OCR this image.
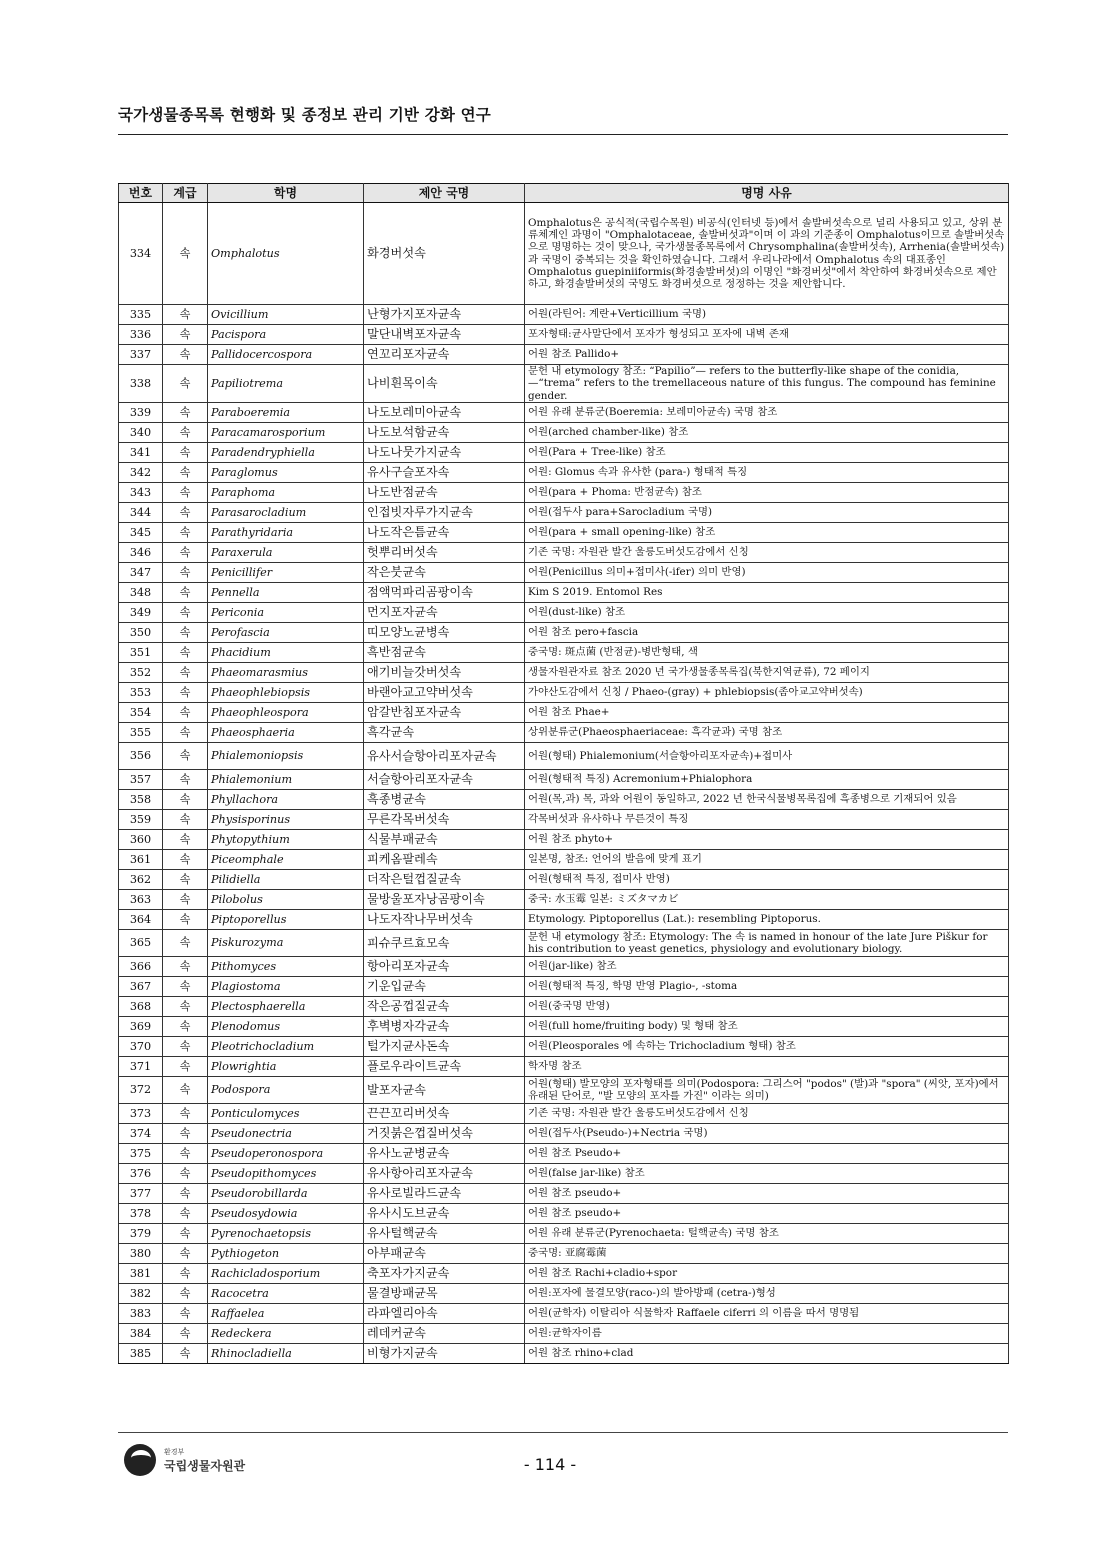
국가생물종목록 현행화 및 종정보 관리 기반 강화 연구
번호	계급	학명	제안 국명	명명 사유
334	속	Omphalotus	화경버섯속	Omphalotus은 공식적(국립수목원) 비공식(인터넷 등)에서 솔발버섯속으로 널리 사용되고 있고, 상위 분류체계인 과명이 "Omphalotaceae, 솔발버섯과"이며 이 과의 기준종이 Omphalotus이므로 솔발버섯속으로 명명하는 것이 맞으나, 국가생물종목록에서 Chrysomphalina(솔발버섯속), Arrhenia(솔발버섯속)과 국명이 중복되는 것을 확인하였습니다. 그래서 우리나라에서 Omphalotus 속의 대표종인 Omphalotus guepiniiformis(화경솔발버섯)의 이명인 "화경버섯"에서 착안하여 화경버섯속으로 제안하고, 화경솔발버섯의 국명도 화경버섯으로 정정하는 것을 제안합니다.
335	속	Ovicillium	난형가지포자균속	어원(라틴어: 계란+Verticillium 국명)
336	속	Pacispora	말단내벽포자균속	포자형태:균사말단에서 포자가 형성되고 포자에 내벽 존재
337	속	Pallidocercospora	연꼬리포자균속	어원 참조 Pallido+
338	속	Papiliotrema	나비흰목이속	문헌 내 etymology 참조: “Papilio”— refers to the butterfly-like shape of the conidia, —“trema” refers to the tremellaceous nature of this fungus. The compound has feminine gender.
339	속	Paraboeremia	나도보레미아균속	어원 유래 분류군(Boeremia: 보레미아균속) 국명 참조
340	속	Paracamarosporium	나도보석함균속	어원(arched chamber-like) 참조
341	속	Paradendryphiella	나도나뭇가지균속	어원(Para + Tree-like) 참조
342	속	Paraglomus	유사구슬포자속	어원: Glomus 속과 유사한 (para-) 형태적 특징
343	속	Paraphoma	나도반점균속	어원(para + Phoma: 반점균속) 참조
344	속	Parasarocladium	인접빗자루가지균속	어원(접두사 para+Sarocladium 국명)
345	속	Parathyridaria	나도작은틈균속	어원(para + small opening-like) 참조
346	속	Paraxerula	헛뿌리버섯속	기존 국명: 자원관 발간 울릉도버섯도감에서 신칭
347	속	Penicillifer	작은붓균속	어원(Penicillus 의미+접미사(-ifer) 의미 반영)
348	속	Pennella	점액먹파리곰팡이속	Kim S 2019. Entomol Res
349	속	Periconia	먼지포자균속	어원(dust-like) 참조
350	속	Perofascia	띠모양노균병속	어원 참조 pero+fascia
351	속	Phacidium	흑반점균속	중국명: 斑点菌 (반점균)-병반형태, 색
352	속	Phaeomarasmius	애기비늘갓버섯속	생물자원관자료 참조 2020 년 국가생물종목록집(북한지역균류), 72 페이지
353	속	Phaeophlebiopsis	바랜아교고약버섯속	가야산도감에서 신칭 / Phaeo-(gray) + phlebiopsis(좀아교고약버섯속)
354	속	Phaeophleospora	암갈반침포자균속	어원 참조 Phae+
355	속	Phaeosphaeria	흑각균속	상위분류군(Phaeosphaeriaceae: 흑각균과) 국명 참조
356	속	Phialemoniopsis	유사서슬항아리포자균속	어원(형태) Phialemonium(서슬항아리포자균속)+접미사
357	속	Phialemonium	서슬항아리포자균속	어원(형태적 특징) Acremonium+Phialophora
358	속	Phyllachora	흑종병균속	어원(목,과) 목, 과와 어원이 동일하고, 2022 년 한국식물병목록집에 흑종병으로 기재되어 있음
359	속	Physisporinus	무른각목버섯속	각목버섯과 유사하나 무른것이 특징
360	속	Phytopythium	식물부패균속	어원 참조 phyto+
361	속	Piceomphale	피케옴팔레속	일본명, 참조: 언어의 발음에 맞게 표기
362	속	Pilidiella	더작은털껍질균속	어원(형태적 특징, 접미사 반영)
363	속	Pilobolus	물방울포자낭곰팡이속	중국: 水玉霉 일본: ミズタマカビ
364	속	Piptoporellus	나도자작나무버섯속	Etymology. Piptoporellus (Lat.): resembling Piptoporus.
365	속	Piskurozyma	피슈쿠르효모속	문헌 내 etymology 참조: Etymology: The 속 is named in honour of the late Jure Piškur for his contribution to yeast genetics, physiology and evolutionary biology.
366	속	Pithomyces	항아리포자균속	어원(jar-like) 참조
367	속	Plagiostoma	기운입균속	어원(형태적 특징, 학명 반영 Plagio-, -stoma
368	속	Plectosphaerella	작은공껍질균속	어원(중국명 반영)
369	속	Plenodomus	후벽병자각균속	어원(full home/fruiting body) 및 형태 참조
370	속	Pleotrichocladium	털가지균사돈속	어원(Pleosporales 에 속하는 Trichocladium 형태) 참조
371	속	Plowrightia	플로우라이트균속	학자명 참조
372	속	Podospora	발포자균속	어원(형태) 발모양의 포자형태를 의미(Podospora: 그리스어 "podos" (발)과 "spora" (씨앗, 포자)에서 유래된 단어로, "발 모양의 포자를 가진" 이라는 의미)
373	속	Ponticulomyces	끈끈꼬리버섯속	기존 국명: 자원관 발간 울릉도버섯도감에서 신칭
374	속	Pseudonectria	거짓붉은껍질버섯속	어원(접두사(Pseudo-)+Nectria 국명)
375	속	Pseudoperonospora	유사노균병균속	어원 참조 Pseudo+
376	속	Pseudopithomyces	유사항아리포자균속	어원(false jar-like) 참조
377	속	Pseudorobillarda	유사로빌라드균속	어원 참조 pseudo+
378	속	Pseudosydowia	유사시도브균속	어원 참조 pseudo+
379	속	Pyrenochaetopsis	유사털핵균속	어원 유래 분류군(Pyrenochaeta: 털핵균속) 국명 참조
380	속	Pythiogeton	아부패균속	중국명: 亚腐霉菌
381	속	Rachicladosporium	축포자가지균속	어원 참조 Rachi+cladio+spor
382	속	Racocetra	물결방패균목	어원:포자에 물결모양(raco-)의 발아방패 (cetra-)형성
383	속	Raffaelea	라파엘리아속	어원(균학자) 이탈리아 식물학자 Raffaele ciferri 의 이름을 따서 명명됨
384	속	Redeckera	레데커균속	어원:균학자이름
385	속	Rhinocladiella	비형가지균속	어원 참조 rhino+clad
환경부
국립생물자원관	- 114 -
